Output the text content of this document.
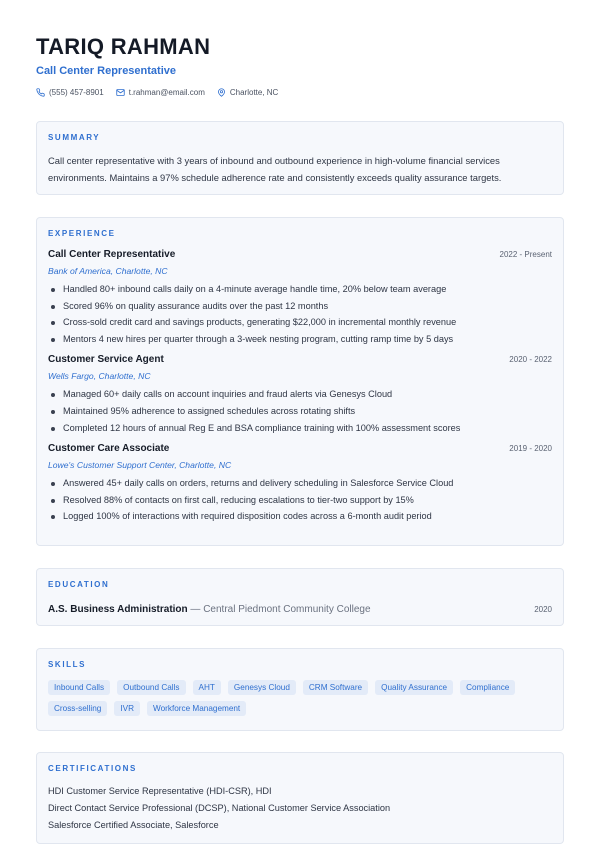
TARIQ RAHMAN
Call Center Representative
(555) 457-8901	t.rahman@email.com	Charlotte, NC
SUMMARY
Call center representative with 3 years of inbound and outbound experience in high-volume financial services environments. Maintains a 97% schedule adherence rate and consistently exceeds quality assurance targets.
EXPERIENCE
Call Center Representative	2022 - Present
Bank of America, Charlotte, NC
Handled 80+ inbound calls daily on a 4-minute average handle time, 20% below team average
Scored 96% on quality assurance audits over the past 12 months
Cross-sold credit card and savings products, generating $22,000 in incremental monthly revenue
Mentors 4 new hires per quarter through a 3-week nesting program, cutting ramp time by 5 days
Customer Service Agent	2020 - 2022
Wells Fargo, Charlotte, NC
Managed 60+ daily calls on account inquiries and fraud alerts via Genesys Cloud
Maintained 95% adherence to assigned schedules across rotating shifts
Completed 12 hours of annual Reg E and BSA compliance training with 100% assessment scores
Customer Care Associate	2019 - 2020
Lowe's Customer Support Center, Charlotte, NC
Answered 45+ daily calls on orders, returns and delivery scheduling in Salesforce Service Cloud
Resolved 88% of contacts on first call, reducing escalations to tier-two support by 15%
Logged 100% of interactions with required disposition codes across a 6-month audit period
EDUCATION
A.S. Business Administration — Central Piedmont Community College	2020
SKILLS
Inbound Calls	Outbound Calls	AHT	Genesys Cloud	CRM Software	Quality Assurance	Compliance
Cross-selling	IVR	Workforce Management
CERTIFICATIONS
HDI Customer Service Representative (HDI-CSR), HDI
Direct Contact Service Professional (DCSP), National Customer Service Association
Salesforce Certified Associate, Salesforce
